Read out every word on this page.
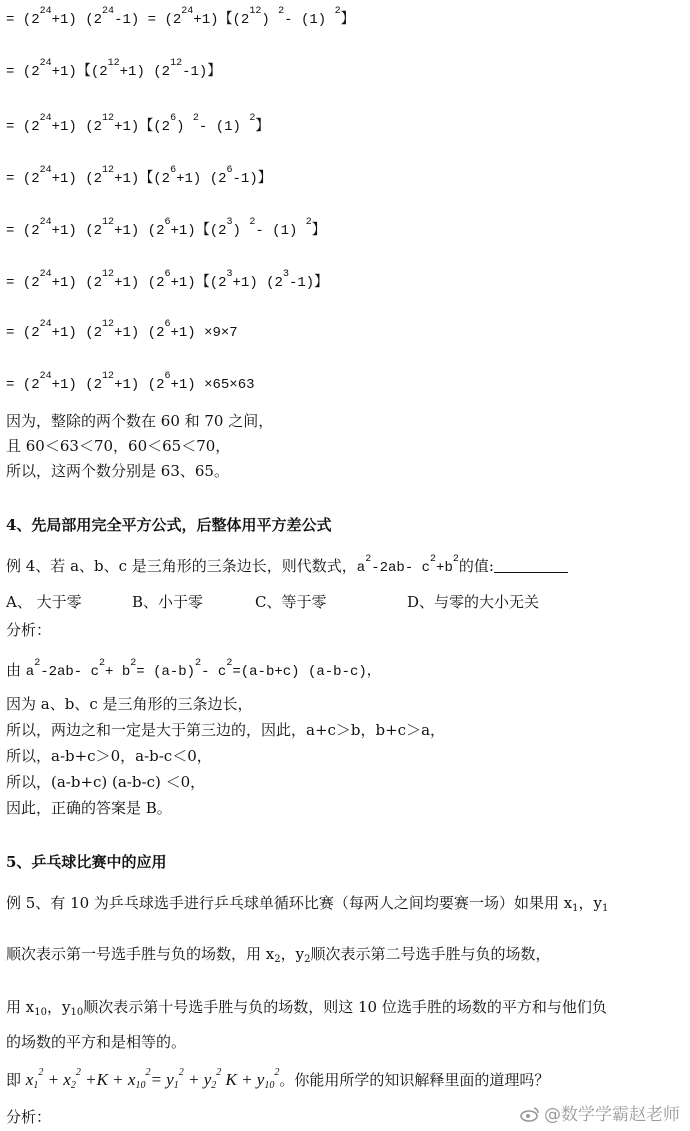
= $(2^{24}+1) (2^{24}-1) = (2^{24}+1)$【$(2^{12})$ $^2$- (1) $^2$】
= $(2^{24}+1)$【$(2^{12}+1)$ $(2^{12}-1)$】
= $(2^{24}+1)$ $(2^{12}+1)$【$(2^6)$ $^2$- (1) $^2$】
= $(2^{24}+1)$ $(2^{12}+1)$【$(2^6+1)$ $(2^6-1)$】
= $(2^{24}+1)$ $(2^{12}+1)$ $(2^6+1)$【$(2^3)$ $^2$- (1) $^2$】
= $(2^{24}+1)$ $(2^{12}+1)$ $(2^6+1)$【$(2^3+1)$ $(2^3-1)$】
= $(2^{24}+1)$ $(2^{12}+1)$ $(2^6+1) \times 9\times 7$
= $(2^{24}+1)$ $(2^{12}+1)$ $(2^6+1) \times 65\times 63$
因为，整除的两个数在 60 和 70 之间，
且 60＜63＜70，60＜65＜70，
所以，这两个数分别是 63、65。
4、先局部用完全平方公式，后整体用平方差公式
例 4、若 a、b、c 是三角形的三条边长，则代数式，$a^2-2ab-$ $c^2+b^2$的值:
A、 大于零	B、小于零	C、等于零	D、与零的大小无关
分析：
由 $a^2-2ab-$ $c^2+ b^2= (a-b)^2-$ $c^2=(a-b+c)$ (a-b-c)，
因为 a、b、c 是三角形的三条边长，
所以，两边之和一定是大于第三边的，因此，a+c＞b，b+c＞a，
所以，a-b+c＞0，a-b-c＜0，
所以，(a-b+c) (a-b-c) ＜0，
因此，正确的答案是 B。
5、乒乓球比赛中的应用
例 5、有 10 为乒乓球选手进行乒乓球单循环比赛（每两人之间均要赛一场）如果用 $x_1$，$y_1$
顺次表示第一号选手胜与负的场数，用 $x_2$，$y_2$顺次表示第二号选手胜与负的场数，
用 $x_{10}$，$y_{10}$顺次表示第十号选手胜与负的场数，则这 10 位选手胜的场数的平方和与他们负
的场数的平方和是相等的。
即 $x_1^2 + x_2^2 +K + x_{10}^2= y_1^2 + y_2^2$ $K + y_{10}^2$。你能用所学的知识解释里面的道理吗？
分析：	@数学学霸赵老师
